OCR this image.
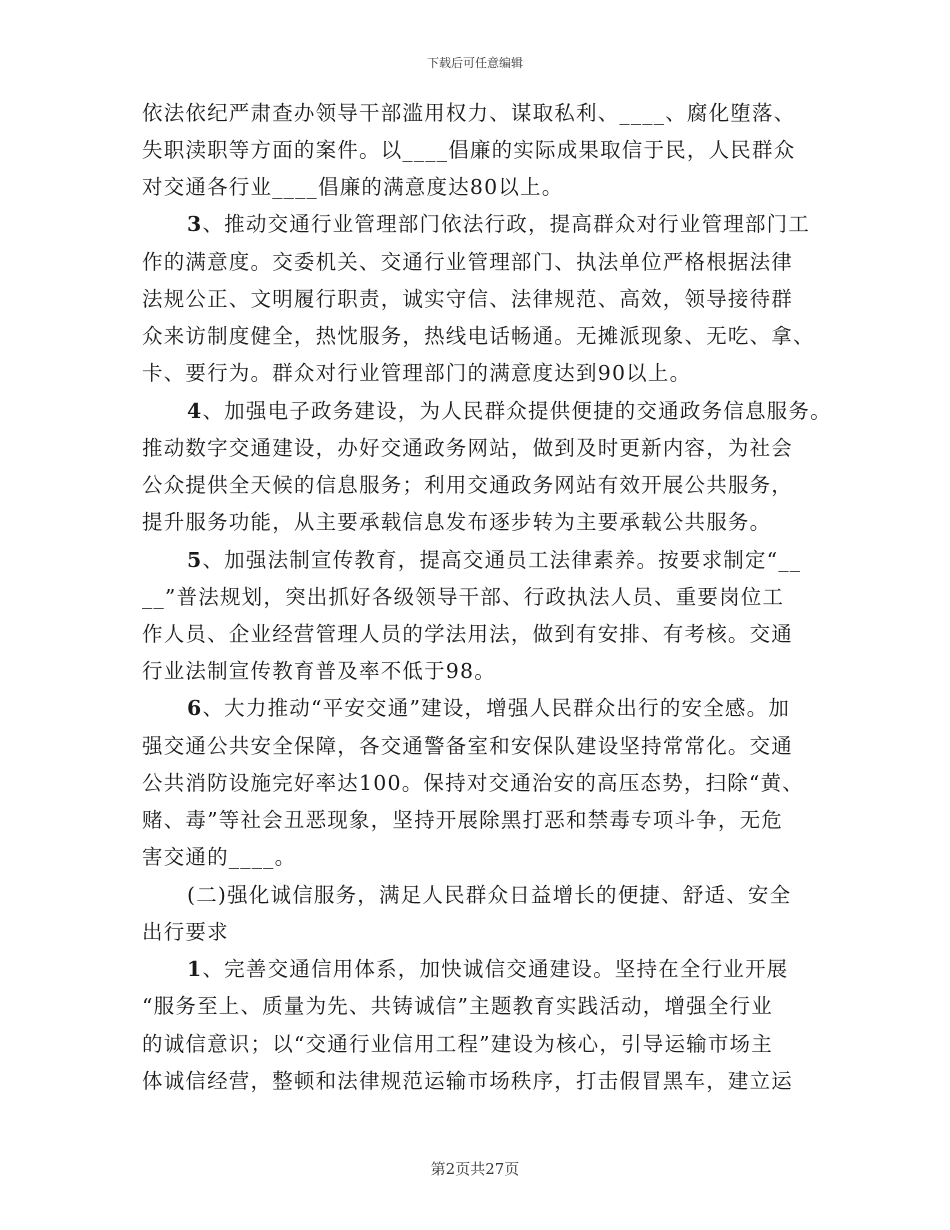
下载后可任意编辑
依法依纪严肃查办领导干部滥用权力、谋取私利、____、腐化堕落、
失职渎职等方面的案件。以____倡廉的实际成果取信于民，人民群众
对交通各行业____倡廉的满意度达80以上。
3、推动交通行业管理部门依法行政，提高群众对行业管理部门工
作的满意度。交委机关、交通行业管理部门、执法单位严格根据法律
法规公正、文明履行职责，诚实守信、法律规范、高效，领导接待群
众来访制度健全，热忱服务，热线电话畅通。无摊派现象、无吃、拿、
卡、要行为。群众对行业管理部门的满意度达到90以上。
4、加强电子政务建设，为人民群众提供便捷的交通政务信息服务。
推动数字交通建设，办好交通政务网站，做到及时更新内容，为社会
公众提供全天候的信息服务；利用交通政务网站有效开展公共服务，
提升服务功能，从主要承载信息发布逐步转为主要承载公共服务。
5、加强法制宣传教育，提高交通员工法律素养。按要求制定“__
__”普法规划，突出抓好各级领导干部、行政执法人员、重要岗位工
作人员、企业经营管理人员的学法用法，做到有安排、有考核。交通
行业法制宣传教育普及率不低于98。
6、大力推动“平安交通”建设，增强人民群众出行的安全感。加
强交通公共安全保障，各交通警备室和安保队建设坚持常常化。交通
公共消防设施完好率达100。保持对交通治安的高压态势，扫除“黄、
赌、毒”等社会丑恶现象，坚持开展除黑打恶和禁毒专项斗争，无危
害交通的____。
(二)强化诚信服务，满足人民群众日益增长的便捷、舒适、安全
出行要求
1、完善交通信用体系，加快诚信交通建设。坚持在全行业开展
“服务至上、质量为先、共铸诚信”主题教育实践活动，增强全行业
的诚信意识；以“交通行业信用工程”建设为核心，引导运输市场主
体诚信经营，整顿和法律规范运输市场秩序，打击假冒黑车，建立运
第2页共27页
